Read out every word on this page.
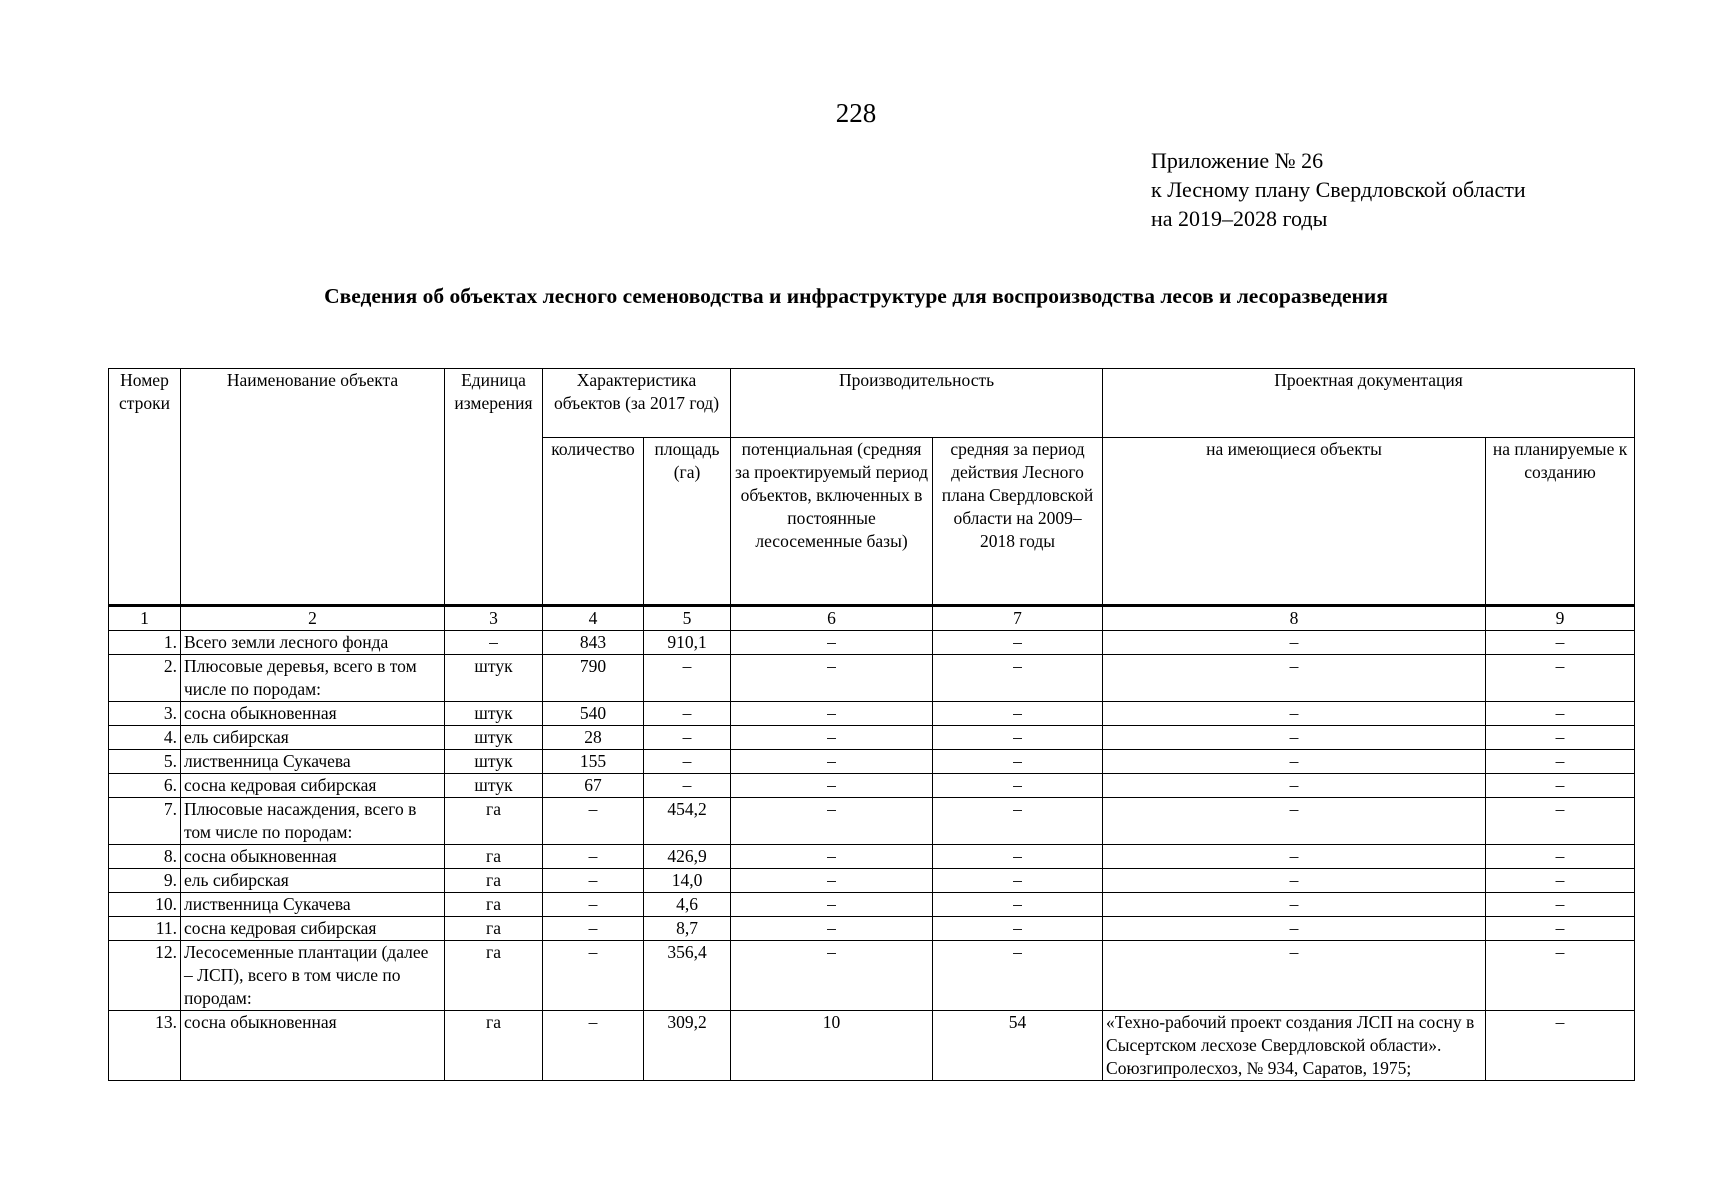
228
Приложение № 26
к Лесному плану Свердловской области
на 2019–2028 годы
Сведения об объектах лесного семеноводства и инфраструктуре для воспроизводства лесов и лесоразведения
Номер строки	Наименование объекта	Единица измерения	Характеристика объектов (за 2017 год)		Производительность		Проектная документация	
			количество	площадь (га)	потенциальная (средняя за проектируемый период объектов, включенных в постоянные лесосеменные базы)	средняя за период действия Лесного плана Свердловской области на 2009–2018 годы	на имеющиеся объекты	на планируемые к созданию
1	2	3	4	5	6	7	8	9
1.	Всего земли лесного фонда	–	843	910,1	–	–	–	–
2.	Плюсовые деревья, всего в том числе по породам:	штук	790	–	–	–	–	–
3.	сосна обыкновенная	штук	540	–	–	–	–	–
4.	ель сибирская	штук	28	–	–	–	–	–
5.	лиственница Сукачева	штук	155	–	–	–	–	–
6.	сосна кедровая сибирская	штук	67	–	–	–	–	–
7.	Плюсовые насаждения, всего в том числе по породам:	га	–	454,2	–	–	–	–
8.	сосна обыкновенная	га	–	426,9	–	–	–	–
9.	ель сибирская	га	–	14,0	–	–	–	–
10.	лиственница Сукачева	га	–	4,6	–	–	–	–
11.	сосна кедровая сибирская	га	–	8,7	–	–	–	–
12.	Лесосеменные плантации (далее – ЛСП), всего в том числе по породам:	га	–	356,4	–	–	–	–
13.	сосна обыкновенная	га	–	309,2	10	54	«Техно-рабочий проект создания ЛСП на сосну в Сысертском лесхозе Свердловской области». Союзгипролесхоз, № 934, Саратов, 1975;	–
